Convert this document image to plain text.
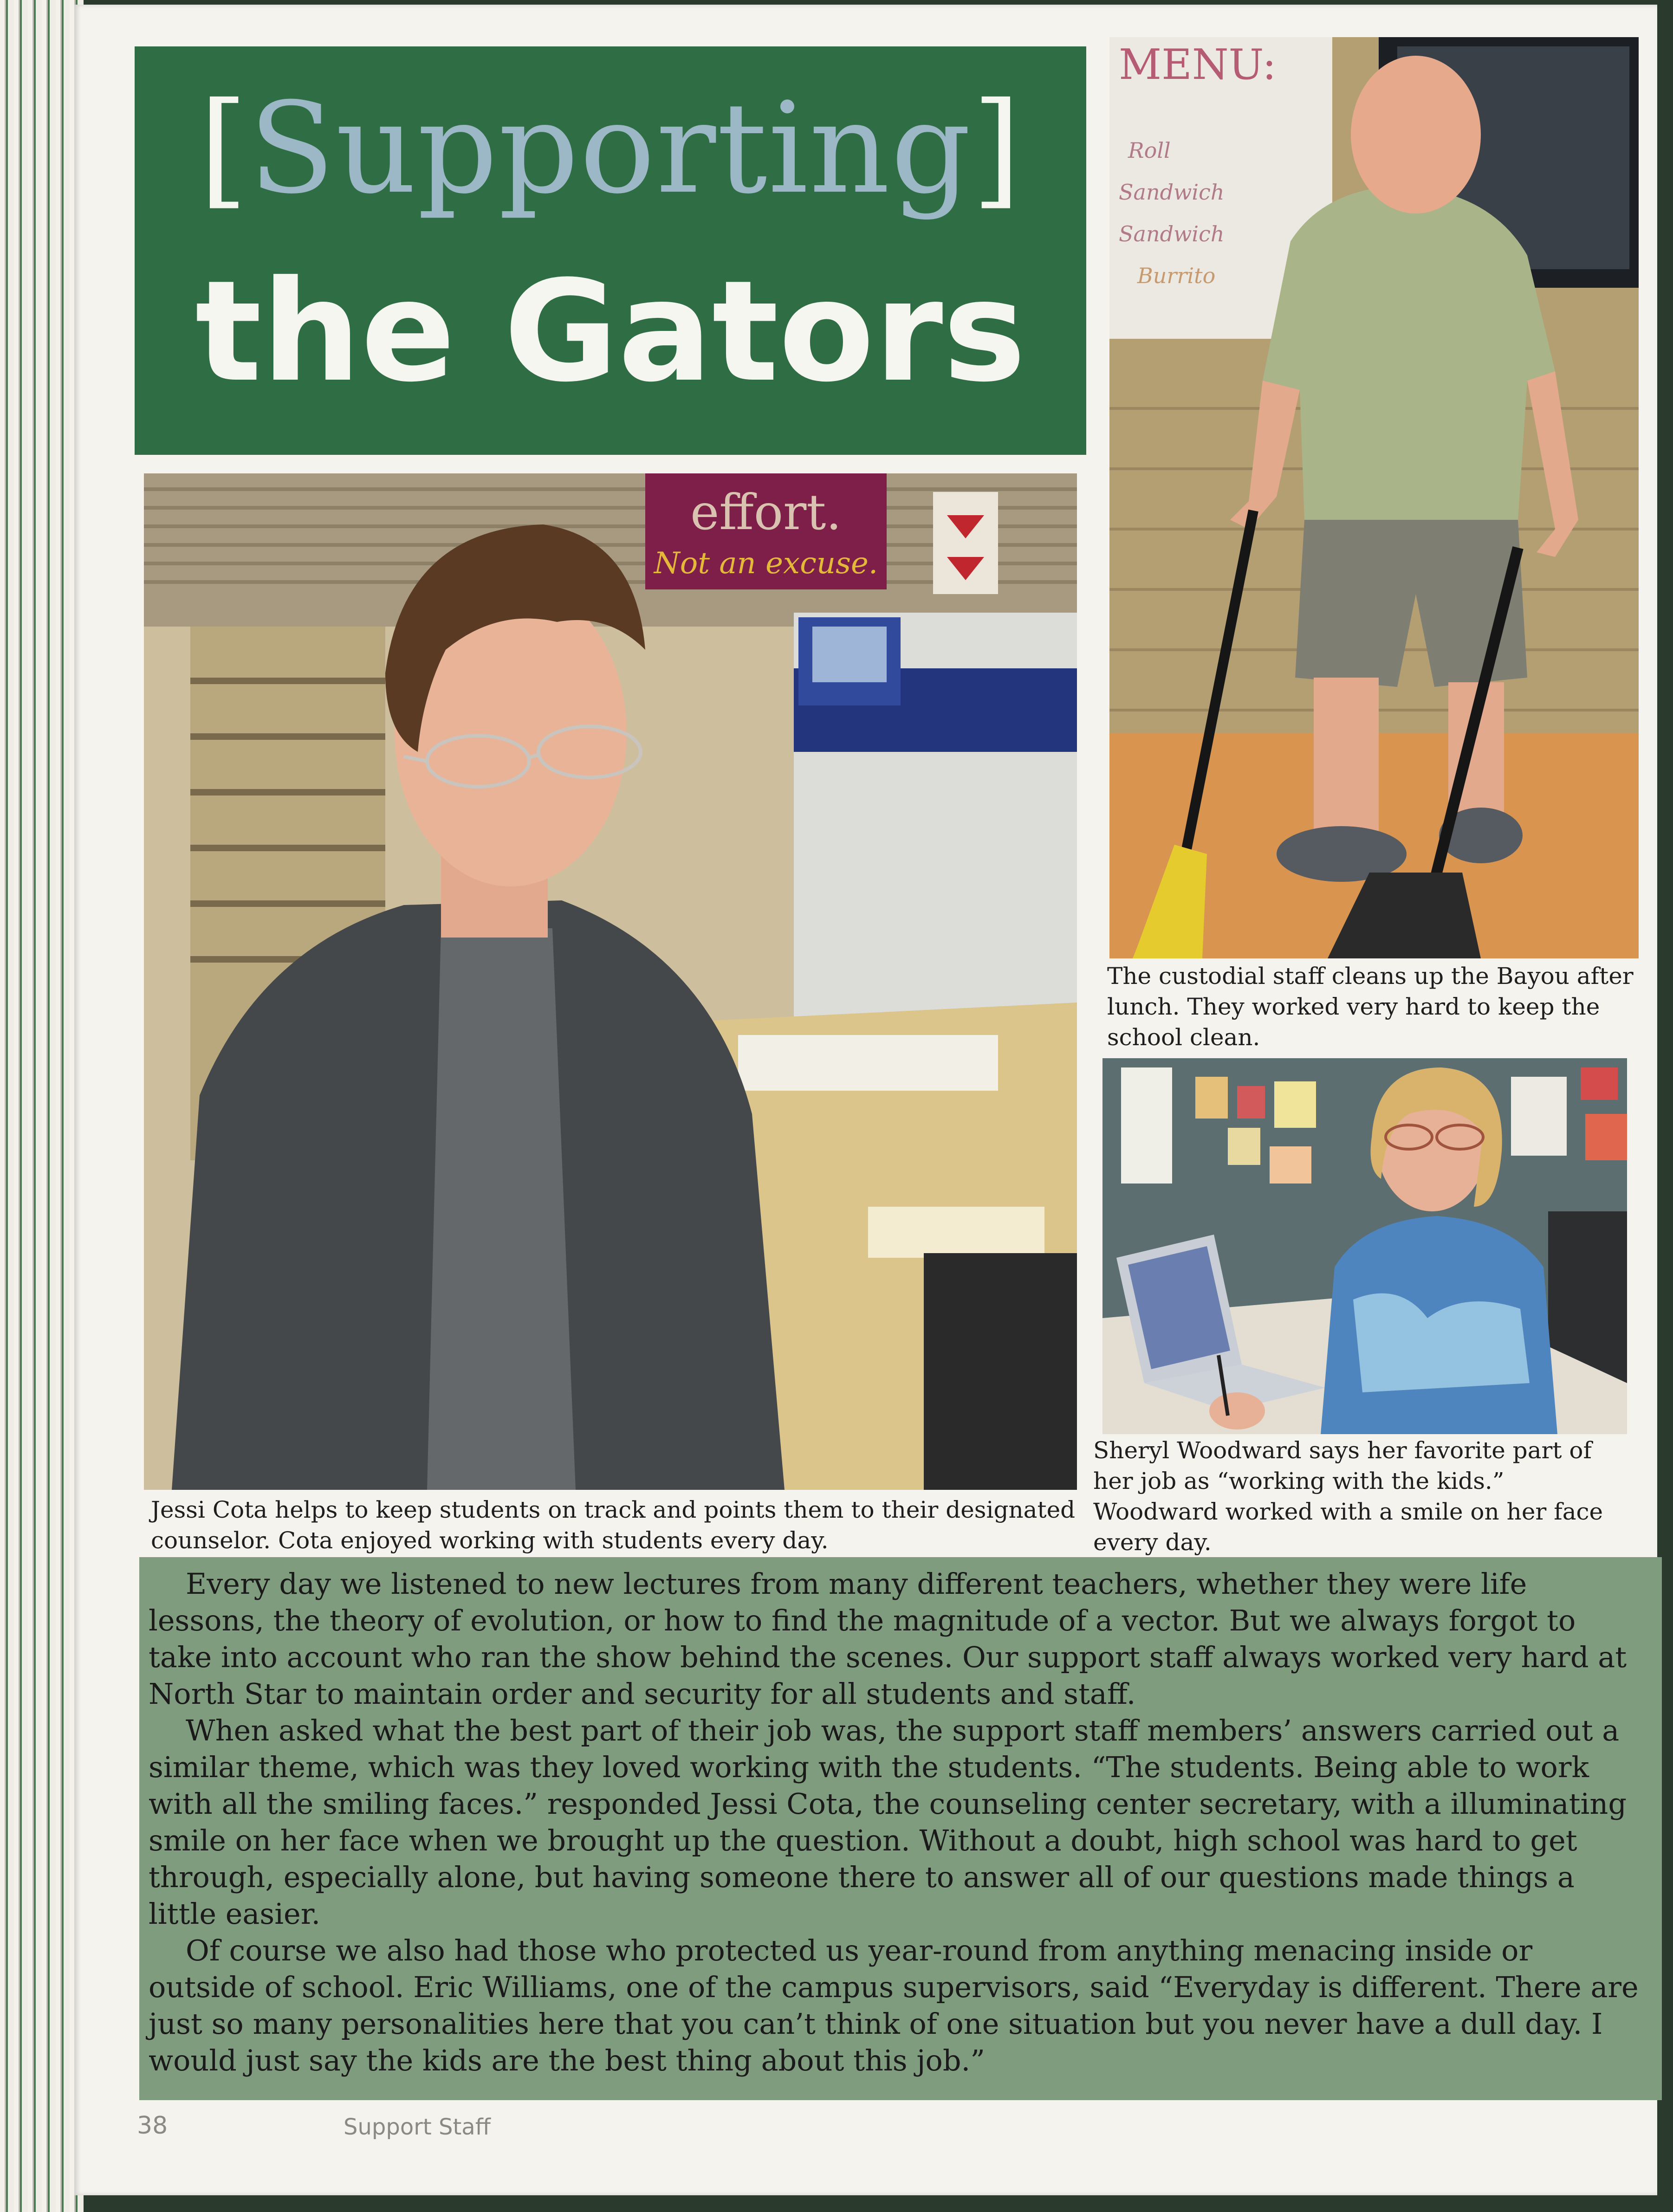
[Supporting]
the Gators
effort.
Not an excuse.
MENU:
Roll
Sandwich
Sandwich
Burrito
The custodial staff cleans up the Bayou after lunch. They worked very hard to keep the school clean.
Sheryl Woodward says her favorite part of her job as “working with the kids.” Woodward worked with a smile on her face every day.
Jessi Cota helps to keep students on track and points them to their designated counselor. Cota enjoyed working with students every day.

Every day we listened to new lectures from many different teachers, whether they were life lessons, the theory of evolution, or how to find the magnitude of a vector. But we always forgot to take into account who ran the show behind the scenes. Our support staff always worked very hard at North Star to maintain order and security for all students and staff.

When asked what the best part of their job was, the support staff members’ answers carried out a similar theme, which was they loved working with the students. “The students. Being able to work with all the smiling faces.” responded Jessi Cota, the counseling center secretary, with a illuminating smile on her face when we brought up the question. Without a doubt, high school was hard to get through, especially alone, but having someone there to answer all of our questions made things a little easier.

Of course we also had those who protected us year-round from anything menacing inside or outside of school. Eric Williams, one of the campus supervisors, said “Everyday is different. There are just so many personalities here that you can’t think of one situation but you never have a dull day. I would just say the kids are the best thing about this job.”

38	Support Staff
